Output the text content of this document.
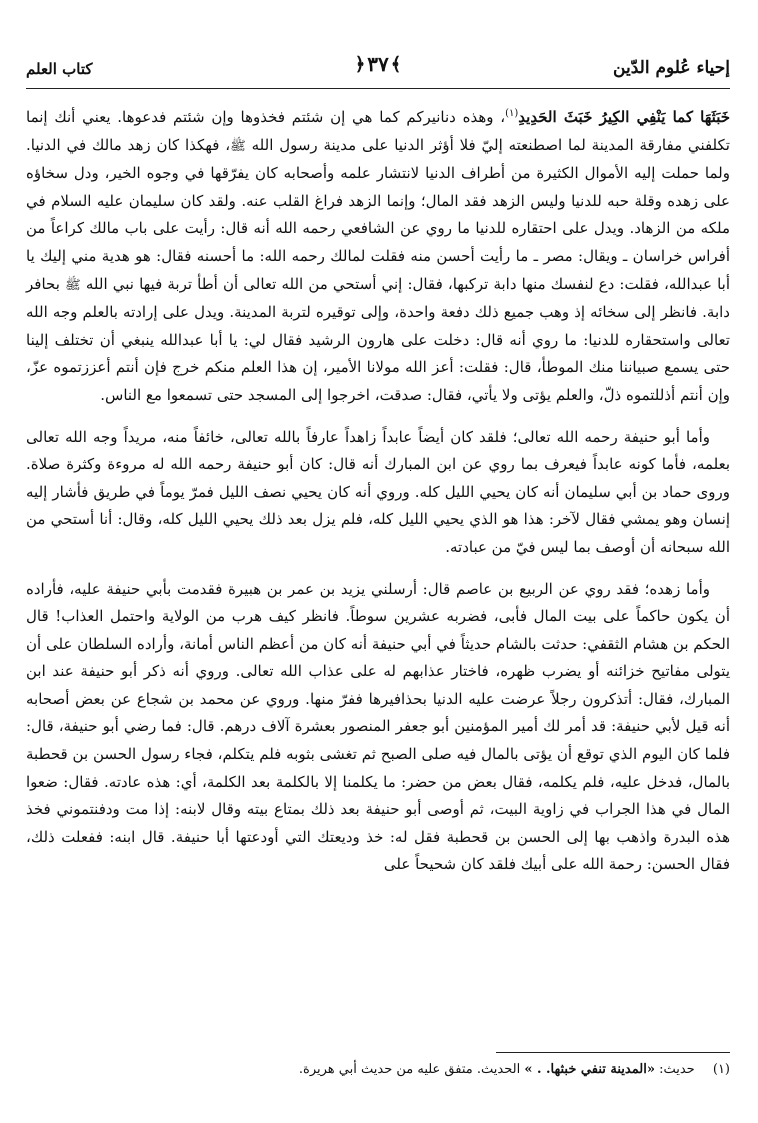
إحياء عُلوم الدّين
﴾
٣٧
﴿
كتاب العلم

خَبَثَهَا كما يَنْفِي الكِيرُ خَبَثَ الحَدِيدِ$^{(١)}$، وهذه دنانيركم كما هي إن شئتم فخذوها وإن شئتم فدعوها. يعني أنك إنما تكلفني مفارقة المدينة لما اصطنعته إليّ فلا أؤثر الدنيا على مدينة رسول الله ﷺ، فهكذا كان زهد مالك في الدنيا. ولما حملت إليه الأموال الكثيرة من أطراف الدنيا لانتشار علمه وأصحابه كان يفرّقها في وجوه الخير، ودل سخاؤه على زهده وقلة حبه للدنيا وليس الزهد فقد المال؛ وإنما الزهد فراغ القلب عنه. ولقد كان سليمان عليه السلام في ملكه من الزهاد. ويدل على احتقاره للدنيا ما روي عن الشافعي رحمه الله أنه قال: رأيت على باب مالك كراعاً من أفراس خراسان ـ ويقال: مصر ـ ما رأيت أحسن منه فقلت لمالك رحمه الله: ما أحسنه فقال: هو هدية مني إليك يا أبا عبدالله، فقلت: دع لنفسك منها دابة تركبها، فقال: إني أستحي من الله تعالى أن أطأ تربة فيها نبي الله ﷺ بحافر دابة. فانظر إلى سخائه إذ وهب جميع ذلك دفعة واحدة، وإلى توقيره لتربة المدينة. ويدل على إرادته بالعلم وجه الله تعالى واستحقاره للدنيا: ما روي أنه قال: دخلت على هارون الرشيد فقال لي: يا أبا عبدالله ينبغي أن تختلف إلينا حتى يسمع صبياننا منك الموطأ، قال: فقلت: أعز الله مولانا الأمير، إن هذا العلم منكم خرج فإن أنتم أعززتموه عزّ، وإن أنتم أذللتموه ذلّ، والعلم يؤتى ولا يأتي، فقال: صدقت، اخرجوا إلى المسجد حتى تسمعوا مع الناس.

وأما أبو حنيفة رحمه الله تعالى؛ فلقد كان أيضاً عابداً زاهداً عارفاً بالله تعالى، خائفاً منه، مريداً وجه الله تعالى بعلمه، فأما كونه عابداً فيعرف بما روي عن ابن المبارك أنه قال: كان أبو حنيفة رحمه الله له مروءة وكثرة صلاة. وروى حماد بن أبي سليمان أنه كان يحيي الليل كله. وروي أنه كان يحيي نصف الليل فمرّ يوماً في طريق فأشار إليه إنسان وهو يمشي فقال لآخر: هذا هو الذي يحيي الليل كله، فلم يزل بعد ذلك يحيي الليل كله، وقال: أنا أستحي من الله سبحانه أن أوصف بما ليس فيّ من عبادته.

وأما زهده؛ فقد روي عن الربيع بن عاصم قال: أرسلني يزيد بن عمر بن هبيرة فقدمت بأبي حنيفة عليه، فأراده أن يكون حاكماً على بيت المال فأبى، فضربه عشرين سوطاً. فانظر كيف هرب من الولاية واحتمل العذاب! قال الحكم بن هشام الثقفي: حدثت بالشام حديثاً في أبي حنيفة أنه كان من أعظم الناس أمانة، وأراده السلطان على أن يتولى مفاتيح خزائنه أو يضرب ظهره، فاختار عذابهم له على عذاب الله تعالى. وروي أنه ذكر أبو حنيفة عند ابن المبارك، فقال: أتذكرون رجلاً عرضت عليه الدنيا بحذافيرها ففرّ منها. وروي عن محمد بن شجاع عن بعض أصحابه أنه قيل لأبي حنيفة: قد أمر لك أمير المؤمنين أبو جعفر المنصور بعشرة آلاف درهم. قال: فما رضي أبو حنيفة، قال: فلما كان اليوم الذي توقع أن يؤتى بالمال فيه صلى الصبح ثم تغشى بثوبه فلم يتكلم، فجاء رسول الحسن بن قحطبة بالمال، فدخل عليه، فلم يكلمه، فقال بعض من حضر: ما يكلمنا إلا بالكلمة بعد الكلمة، أي: هذه عادته. فقال: ضعوا المال في هذا الجراب في زاوية البيت، ثم أوصى أبو حنيفة بعد ذلك بمتاع بيته وقال لابنه: إذا مت ودفنتموني فخذ هذه البدرة واذهب بها إلى الحسن بن قحطبة فقل له: خذ وديعتك التي أودعتها أبا حنيفة. قال ابنه: ففعلت ذلك، فقال الحسن: رحمة الله على أبيك فلقد كان شحيحاً على

(١) حديث: «المدينة تنفي خبثها. . » الحديث. متفق عليه من حديث أبي هريرة.
